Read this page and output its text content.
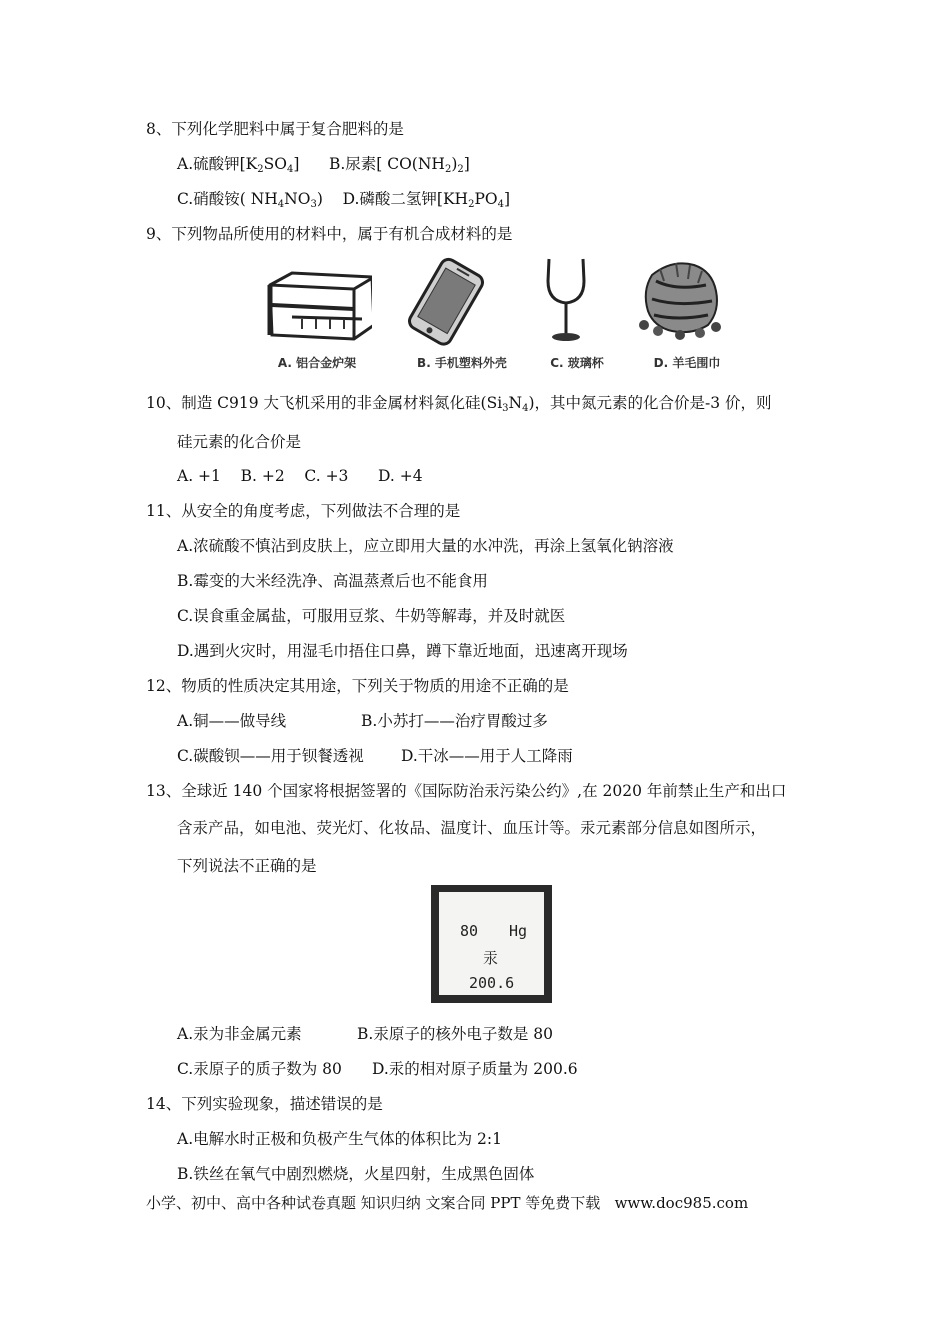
8、下列化学肥料中属于复合肥料的是
A.硫酸钾$[K_2SO_4]$ B.尿素[ $CO(NH_2)_2$]
C.硝酸铵( $NH_4NO_3$) D.磷酸二氢钾$[KH_2PO_4]$
9、下列物品所使用的材料中，属于有机合成材料的是
A. 铝合金炉架	B. 手机塑料外壳	C. 玻璃杯	D. 羊毛围巾
10、制造 C919 大飞机采用的非金属材料氮化硅$(Si_3N_4)$，其中氮元素的化合价是-3 价，则
硅元素的化合价是
A. +1    B. +2    C. +3      D. +4
11、从安全的角度考虑，下列做法不合理的是
A.浓硫酸不慎沾到皮肤上，应立即用大量的水冲洗，再涂上氢氧化钠溶液
B.霉变的大米经洗净、高温蒸煮后也不能食用
C.误食重金属盐，可服用豆浆、牛奶等解毒，并及时就医
D.遇到火灾时，用湿毛巾捂住口鼻，蹲下靠近地面，迅速离开现场
12、物质的性质决定其用途，下列关于物质的用途不正确的是
A.铜——做导线	B.小苏打——治疗胃酸过多
C.碳酸钡——用于钡餐透视 D.干冰——用于人工降雨
13、全球近 140 个国家将根据签署的《国际防治汞污染公约》,在 2020 年前禁止生产和出口
含汞产品，如电池、荧光灯、化妆品、温度计、血压计等。汞元素部分信息如图所示，
下列说法不正确的是
80 Hg
汞
200.6
A.汞为非金属元素	B.汞原子的核外电子数是 80
C.汞原子的质子数为 80 D.汞的相对原子质量为 200.6
14、下列实验现象，描述错误的是
A.电解水时正极和负极产生气体的体积比为 2:1
B.铁丝在氧气中剧烈燃烧，火星四射，生成黑色固体
小学、初中、高中各种试卷真题 知识归纳 文案合同 PPT 等免费下载   www.doc985.com
